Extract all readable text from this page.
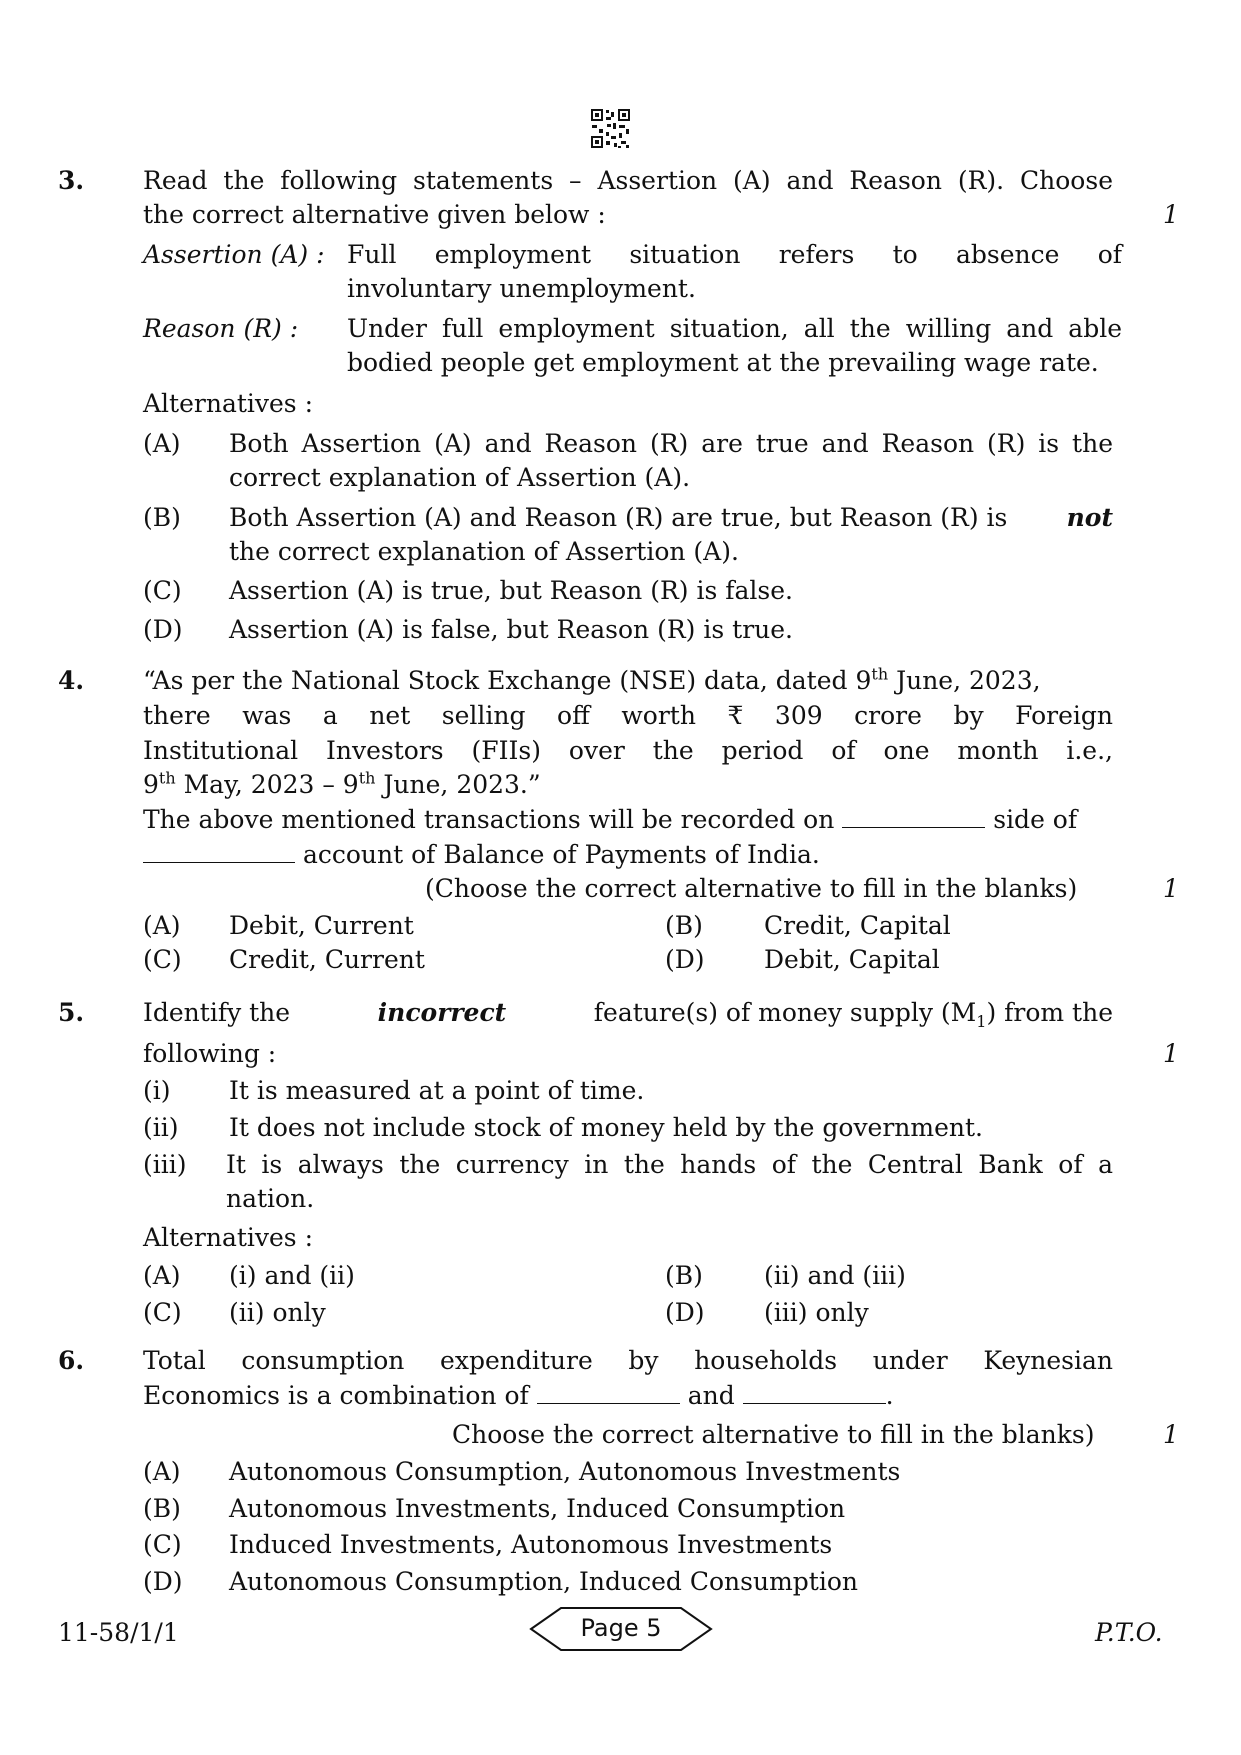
3. Read the following statements – Assertion (A) and Reason (R). Choose
the correct alternative given below :	1
Assertion (A) : Full employment situation refers to absence of
involuntary unemployment.
Reason (R) : Under full employment situation, all the willing and able
bodied people get employment at the prevailing wage rate.
Alternatives :
(A) Both Assertion (A) and Reason (R) are true and Reason (R) is the
correct explanation of Assertion (A).
(B) Both Assertion (A) and Reason (R) are true, but Reason (R) is not
the correct explanation of Assertion (A).
(C) Assertion (A) is true, but Reason (R) is false.
(D) Assertion (A) is false, but Reason (R) is true.
4. “As per the National Stock Exchange (NSE) data, dated 9th June, 2023,
there was a net selling off worth ₹ 309 crore by Foreign
Institutional Investors (FIIs) over the period of one month i.e.,
9th May, 2023 – 9th June, 2023.”
The above mentioned transactions will be recorded on	side of
account of Balance of Payments of India.
(Choose the correct alternative to fill in the blanks)	1
(A) Debit, Current	(B) Credit, Capital
(C) Credit, Current	(D) Debit, Capital
5. Identify the	incorrect	feature(s) of money supply $(M_1)$ from the
following :	1
(i) It is measured at a point of time.
(ii) It does not include stock of money held by the government.
(iii) It is always the currency in the hands of the Central Bank of a
nation.
Alternatives :
(A) (i) and (ii)	(B) (ii) and (iii)
(C) (ii) only	(D) (iii) only
6. Total consumption expenditure by households under Keynesian
Economics is a combination of	and	.
Choose the correct alternative to fill in the blanks)	1
(A) Autonomous Consumption, Autonomous Investments
(B) Autonomous Investments, Induced Consumption
(C) Induced Investments, Autonomous Investments
(D) Autonomous Consumption, Induced Consumption
11-58/1/1	Page 5	P.T.O.
